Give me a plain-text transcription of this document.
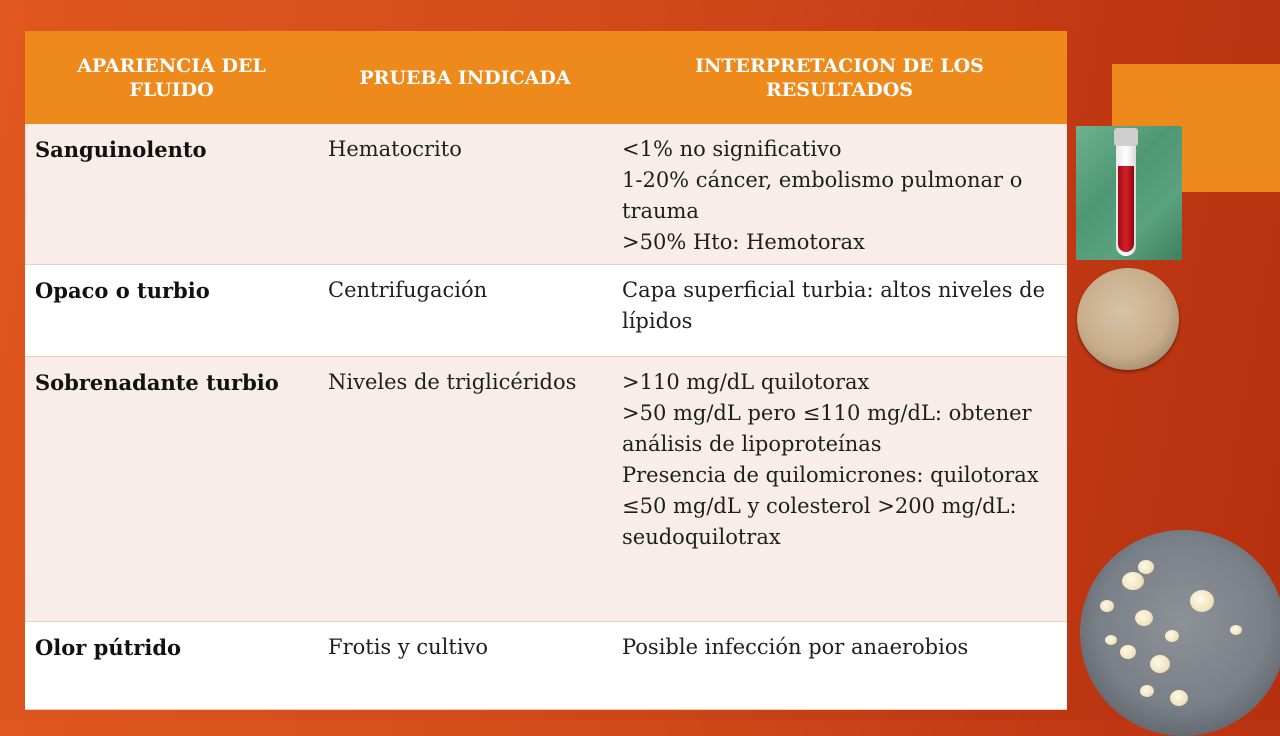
APARIENCIA DEL FLUIDO	PRUEBA INDICADA	INTERPRETACION DE LOS RESULTADOS
Sanguinolento	Hematocrito	<1% no significativo
1-20% cáncer, embolismo pulmonar o trauma
>50% Hto: Hemotorax

Opaco o turbio	Centrifugación	Capa superficial turbia: altos niveles de lípidos

Sobrenadante turbio	Niveles de triglicéridos	>110 mg/dL quilotorax
>50 mg/dL pero ≤110 mg/dL: obtener análisis de lipoproteínas
Presencia de quilomicrones: quilotorax
≤50 mg/dL y colesterol >200 mg/dL: seudoquilotrax

Olor pútrido	Frotis y cultivo	Posible infección por anaerobios
